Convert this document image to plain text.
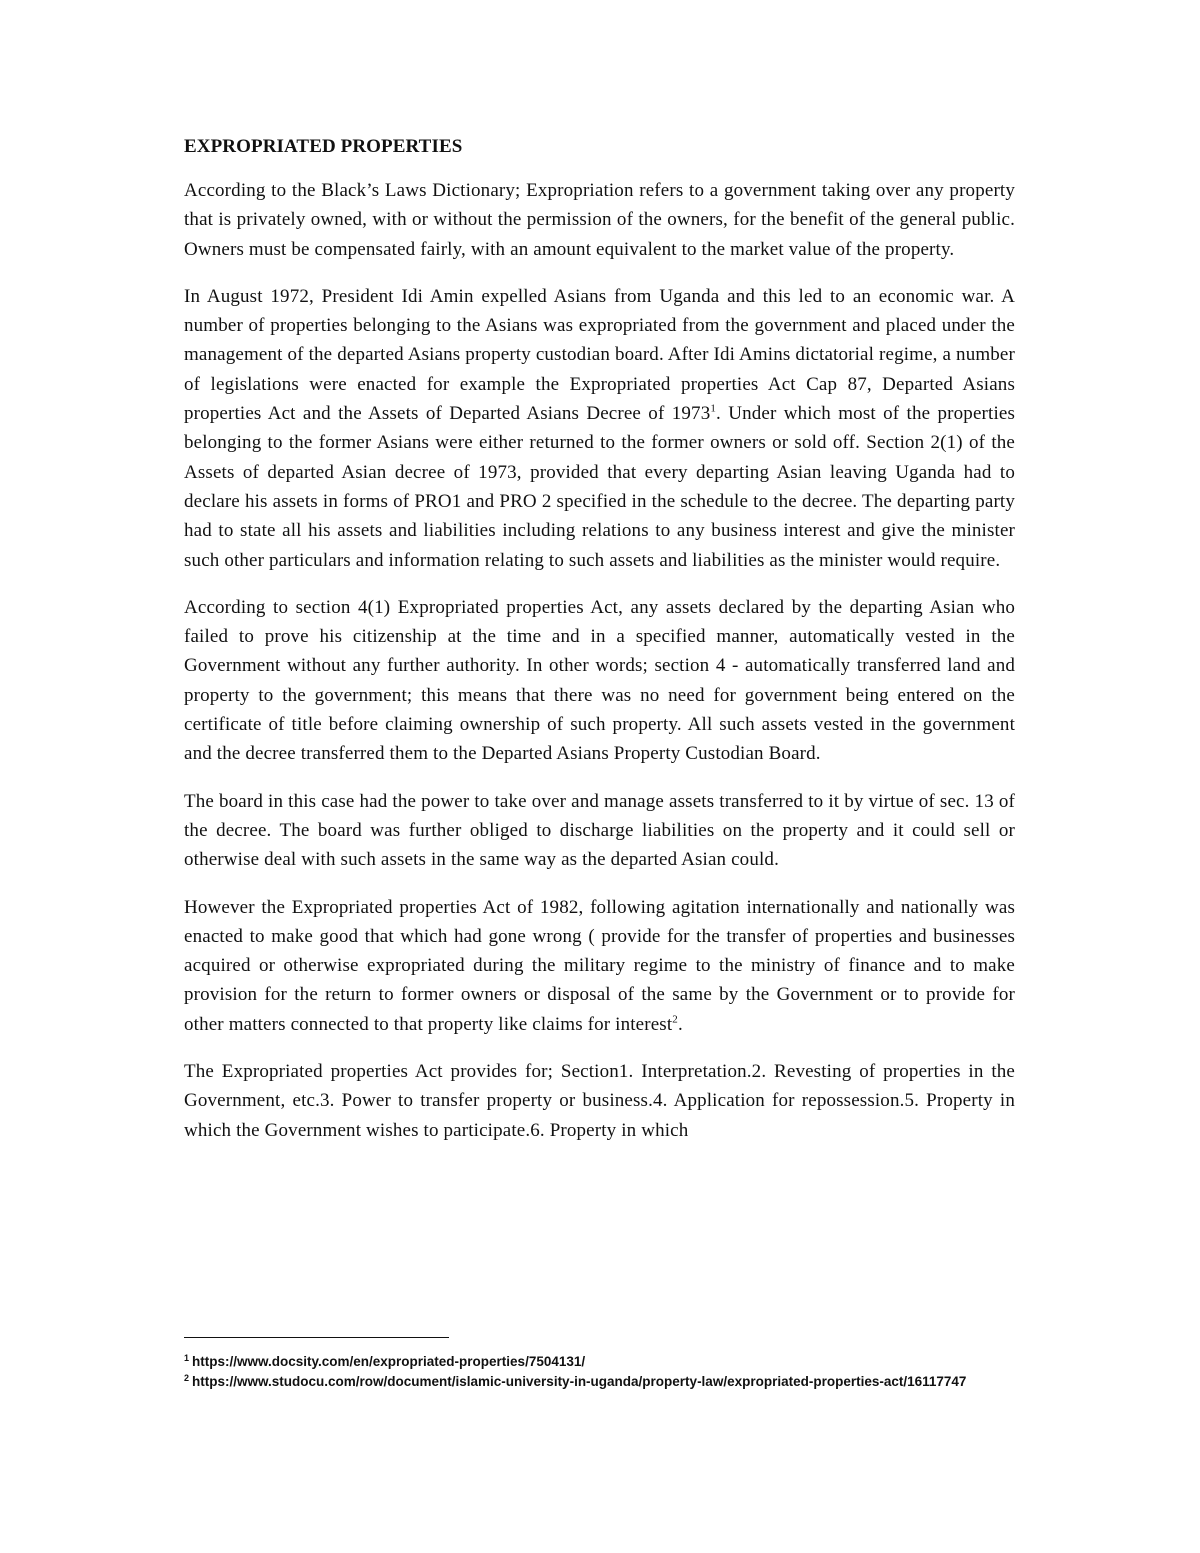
EXPROPRIATED PROPERTIES

According to the Black’s Laws Dictionary; Expropriation refers to a government taking over any property that is privately owned, with or without the permission of the owners, for the benefit of the general public. Owners must be compensated fairly, with an amount equivalent to the market value of the property.

In August 1972, President Idi Amin expelled Asians from Uganda and this led to an economic war. A number of properties belonging to the Asians was expropriated from the government and placed under the management of the departed Asians property custodian board. After Idi Amins dictatorial regime, a number of legislations were enacted for example the Expropriated properties Act Cap 87, Departed Asians properties Act and the Assets of Departed Asians Decree of 1973$^1$. Under which most of the properties belonging to the former Asians were either returned to the former owners or sold off. Section 2(1) of the Assets of departed Asian decree of 1973, provided that every departing Asian leaving Uganda had to declare his assets in forms of PRO1 and PRO 2 specified in the schedule to the decree. The departing party had to state all his assets and liabilities including relations to any business interest and give the minister such other particulars and information relating to such assets and liabilities as the minister would require.

According to section 4(1) Expropriated properties Act, any assets declared by the departing Asian who failed to prove his citizenship at the time and in a specified manner, automatically vested in the Government without any further authority. In other words; section 4 - automatically transferred land and property to the government; this means that there was no need for government being entered on the certificate of title before claiming ownership of such property. All such assets vested in the government and the decree transferred them to the Departed Asians Property Custodian Board.

The board in this case had the power to take over and manage assets transferred to it by virtue of sec. 13 of the decree. The board was further obliged to discharge liabilities on the property and it could sell or otherwise deal with such assets in the same way as the departed Asian could.

However the Expropriated properties Act of 1982, following agitation internationally and nationally was enacted to make good that which had gone wrong ( provide for the transfer of properties and businesses acquired or otherwise expropriated during the military regime to the ministry of finance and to make provision for the return to former owners or disposal of the same by the Government or to provide for other matters connected to that property like claims for interest$^2$.

The Expropriated properties Act provides for; Section1. Interpretation.2. Revesting of properties in the Government, etc.3. Power to transfer property or business.4. Application for repossession.5. Property in which the Government wishes to participate.6. Property in which

$^1$ https://www.docsity.com/en/expropriated-properties/7504131/

$^2$ https://www.studocu.com/row/document/islamic-university-in-uganda/property-law/expropriated-properties-act/16117747
